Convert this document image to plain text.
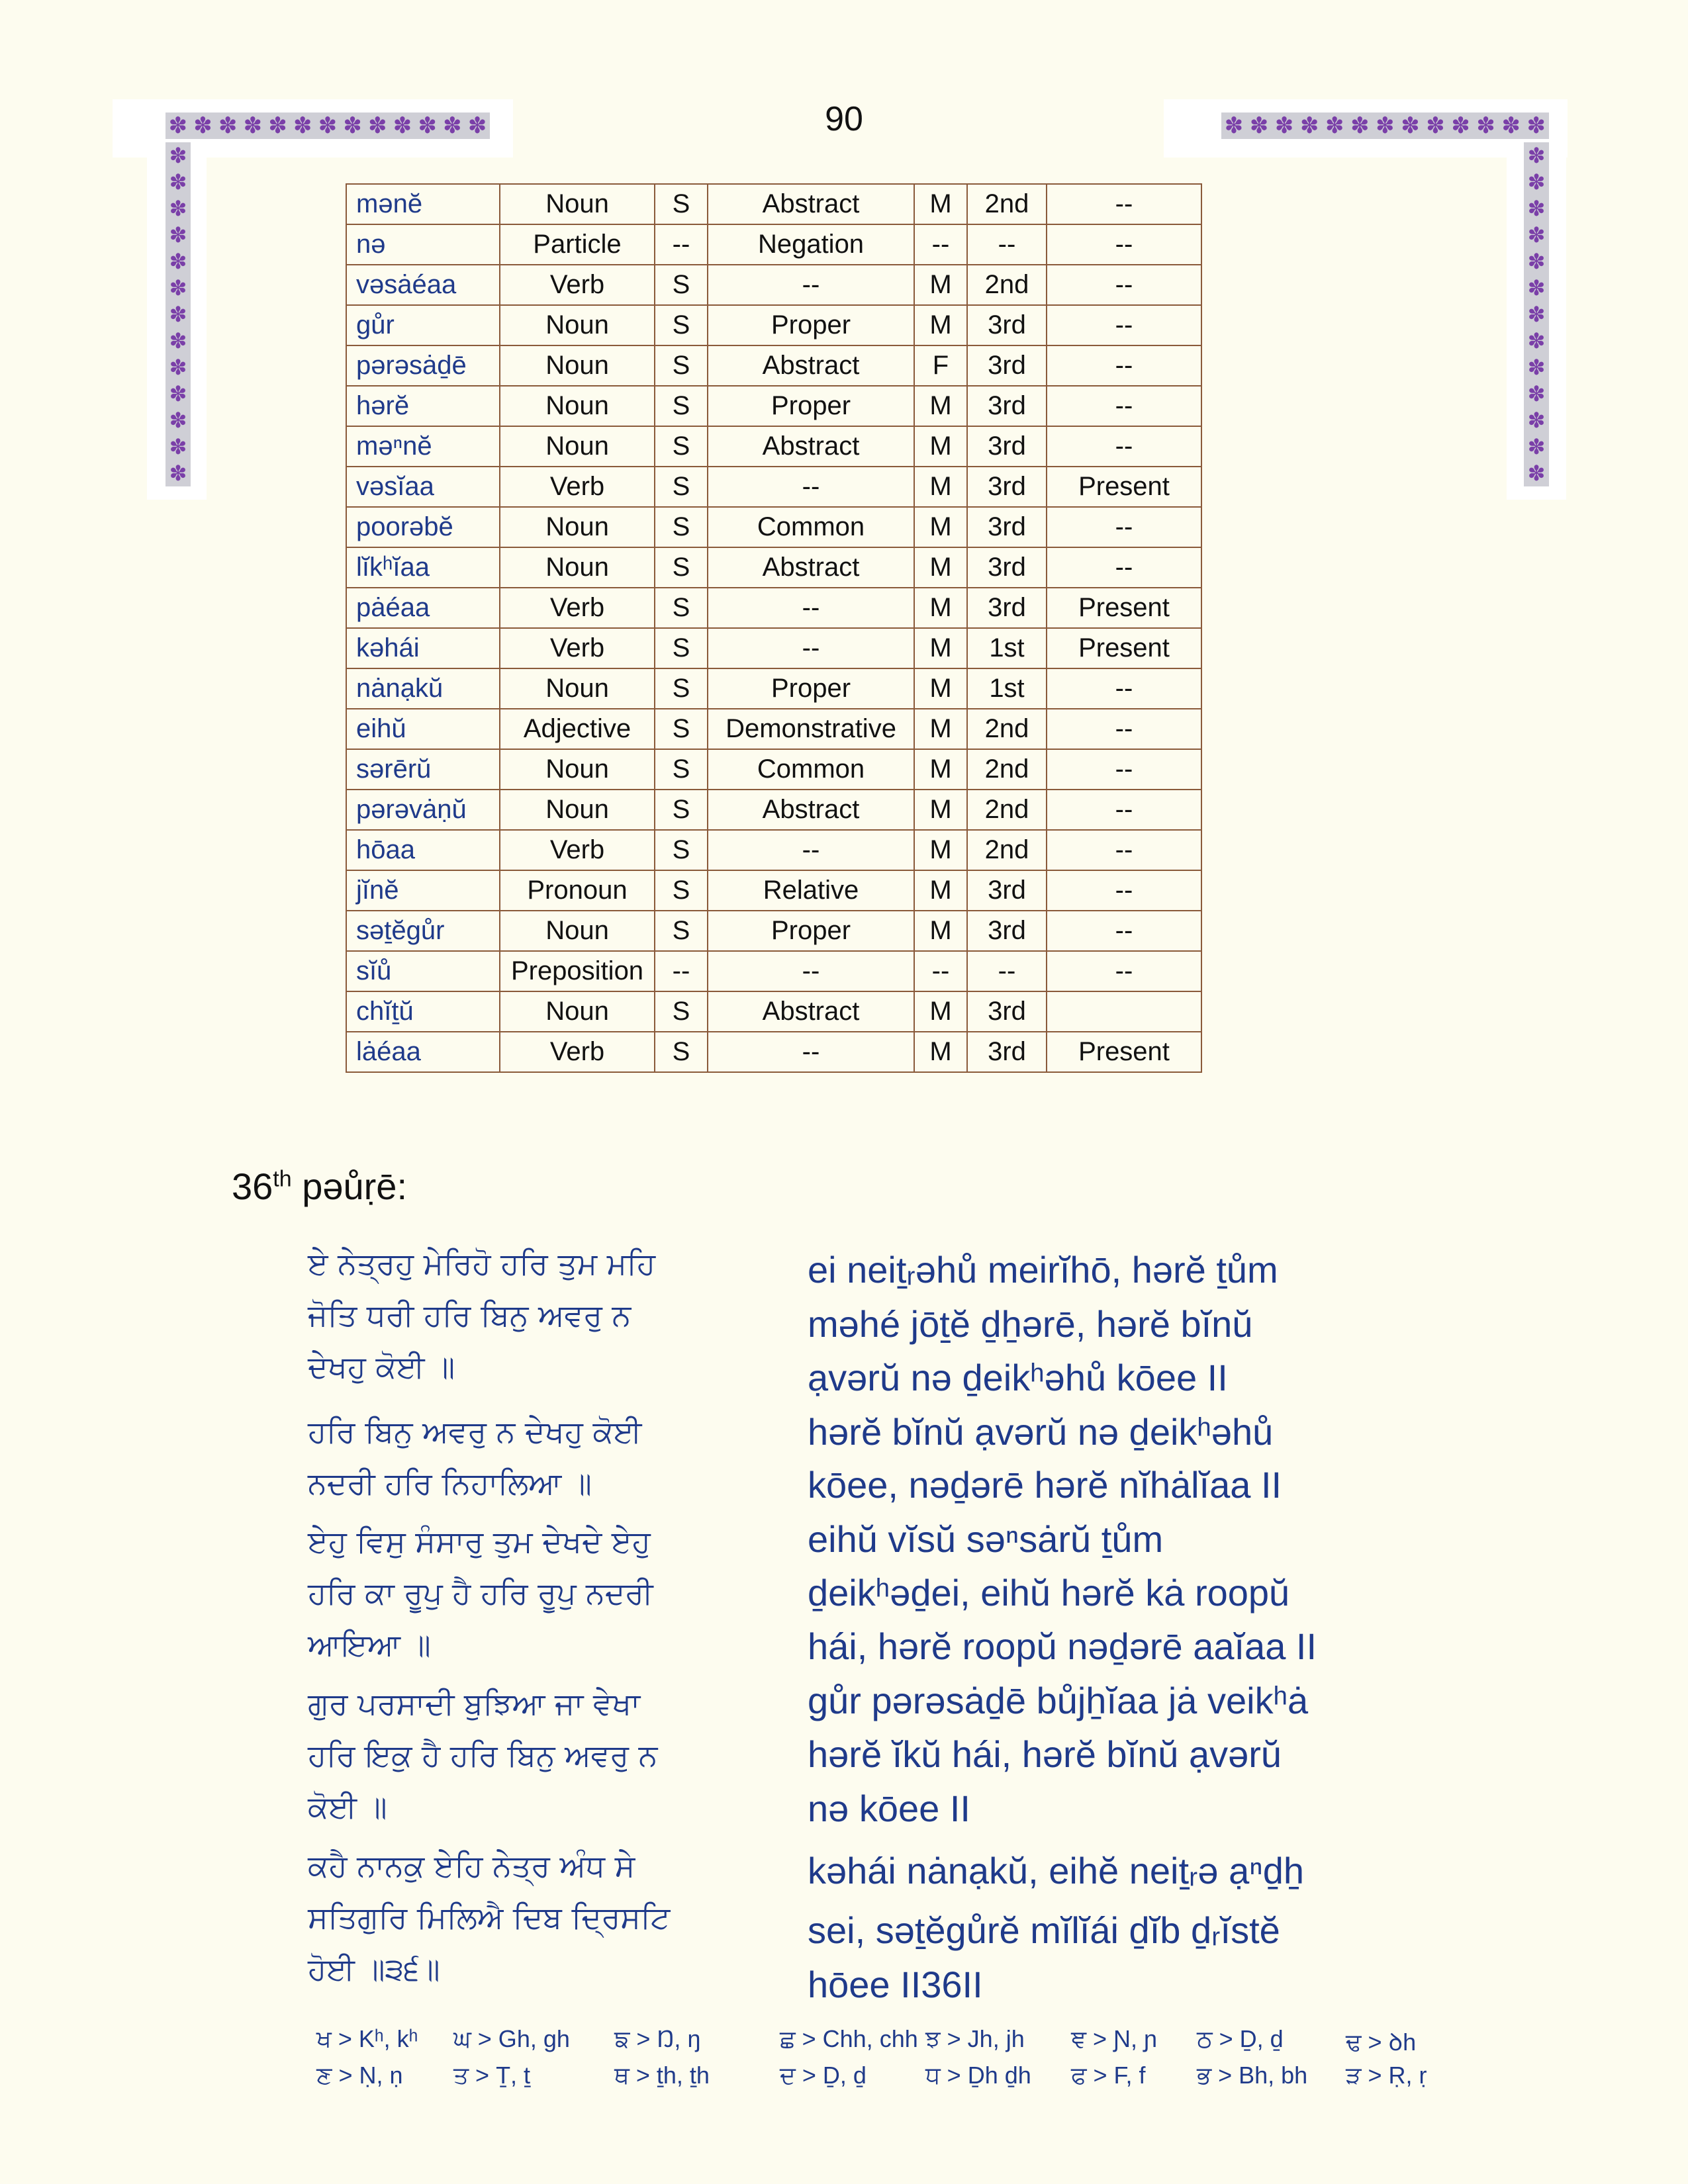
✽ ✽ ✽ ✽ ✽ ✽ ✽ ✽ ✽ ✽ ✽ ✽ ✽	✽ ✽ ✽ ✽ ✽ ✽ ✽ ✽ ✽ ✽ ✽ ✽ ✽
✽
✽
✽
✽
✽
✽
✽
✽
✽
✽
✽
✽
✽
✽
✽
✽
✽
✽
✽
✽
✽
✽
✽
✽
✽
✽
90
mənĕ	Noun	S	Abstract	M	2nd	--
nə	Particle	--	Negation	--	--	--
vəsȧéaa	Verb	S	--	M	2nd	--
gůr	Noun	S	Proper	M	3rd	--
pərəsȧḏē	Noun	S	Abstract	F	3rd	--
hərĕ	Noun	S	Proper	M	3rd	--
məⁿnĕ	Noun	S	Abstract	M	3rd	--
vəsĭaa	Verb	S	--	M	3rd	Present
poorəbĕ	Noun	S	Common	M	3rd	--
lĭkʰĭaa	Noun	S	Abstract	M	3rd	--
pȧéaa	Verb	S	--	M	3rd	Present
kəhái	Verb	S	--	M	1st	Present
nȧnạkŭ	Noun	S	Proper	M	1st	--
eihŭ	Adjective	S	Demonstrative	M	2nd	--
sərērŭ	Noun	S	Common	M	2nd	--
pərəvȧṇŭ	Noun	S	Abstract	M	2nd	--
hōaa	Verb	S	--	M	2nd	--
jĭnĕ	Pronoun	S	Relative	M	3rd	--
səṯĕgůr	Noun	S	Proper	M	3rd	--
sĭů	Preposition	--	--	--	--	--
chĭṯŭ	Noun	S	Abstract	M	3rd	
lȧéaa	Verb	S	--	M	3rd	Present
36th pəůṛē:
ਏ ਨੇਤ੍ਰਹੁ ਮੇਰਿਹੋ ਹਰਿ ਤੁਮ ਮਹਿ
ਜੋਤਿ ਧਰੀ ਹਰਿ ਬਿਨੁ ਅਵਰੁ ਨ
ਦੇਖਹੁ ਕੋਈ ॥
ਹਰਿ ਬਿਨੁ ਅਵਰੁ ਨ ਦੇਖਹੁ ਕੋਈ
ਨਦਰੀ ਹਰਿ ਨਿਹਾਲਿਆ ॥
ਏਹੁ ਵਿਸੁ ਸੰਸਾਰੁ ਤੁਮ ਦੇਖਦੇ ਏਹੁ
ਹਰਿ ਕਾ ਰੂਪੁ ਹੈ ਹਰਿ ਰੂਪੁ ਨਦਰੀ
ਆਇਆ ॥
ਗੁਰ ਪਰਸਾਦੀ ਬੁਝਿਆ ਜਾ ਵੇਖਾ
ਹਰਿ ਇਕੁ ਹੈ ਹਰਿ ਬਿਨੁ ਅਵਰੁ ਨ
ਕੋਈ ॥
ਕਹੈ ਨਾਨਕੁ ਏਹਿ ਨੇਤ੍ਰ ਅੰਧ ਸੇ
ਸਤਿਗੁਰਿ ਮਿਲਿਐ ਦਿਬ ਦ੍ਰਿਸਟਿ
ਹੋਈ ॥੩੬॥
ei neiṯᵣəhů meirĭhō, hərĕ ṯům
məhé jōṯĕ ḏẖərē, hərĕ bĭnŭ
ạvərŭ nə ḏeikʰəhů kōee II
hərĕ bĭnŭ ạvərŭ nə ḏeikʰəhů
kōee, nəḏərē hərĕ nĭhȧlĭaa II
eihŭ vĭsŭ səⁿsȧrŭ ṯům
ḏeikʰəḏei, eihŭ hərĕ kȧ roopŭ
hái, hərĕ roopŭ nəḏərē aaĭaa II
gůr pərəsȧḏē bůjẖĭaa jȧ veikʰȧ
hərĕ ĭkŭ hái, hərĕ bĭnŭ ạvərŭ
nə kōee II
kəhái nȧnạkŭ, eihĕ neiṯᵣə ạⁿḏẖ
sei, səṯĕgůrĕ mĭlĭái ḏĭb ḏᵣĭstĕ
hōee II36II
ਖ > Kʰ, kʰ ਘ > Gh, gh ਙ > Ŋ, ŋ	ਛ > Chh, chh ਝ > Jh, jh ਞ > Ɲ, ɲ ਠ > Ḏ, ḏ	ਢ > ꝺh
ਣ > Ṇ, ṇ ਤ > Ṯ, ṯ	ਥ > ṯh, ṯh	ਦ > Ḏ, ḏ ਧ > Ḏh ḏh ਫ > F, f ਭ > Bh, bh ੜ > Ṛ, ṛ
